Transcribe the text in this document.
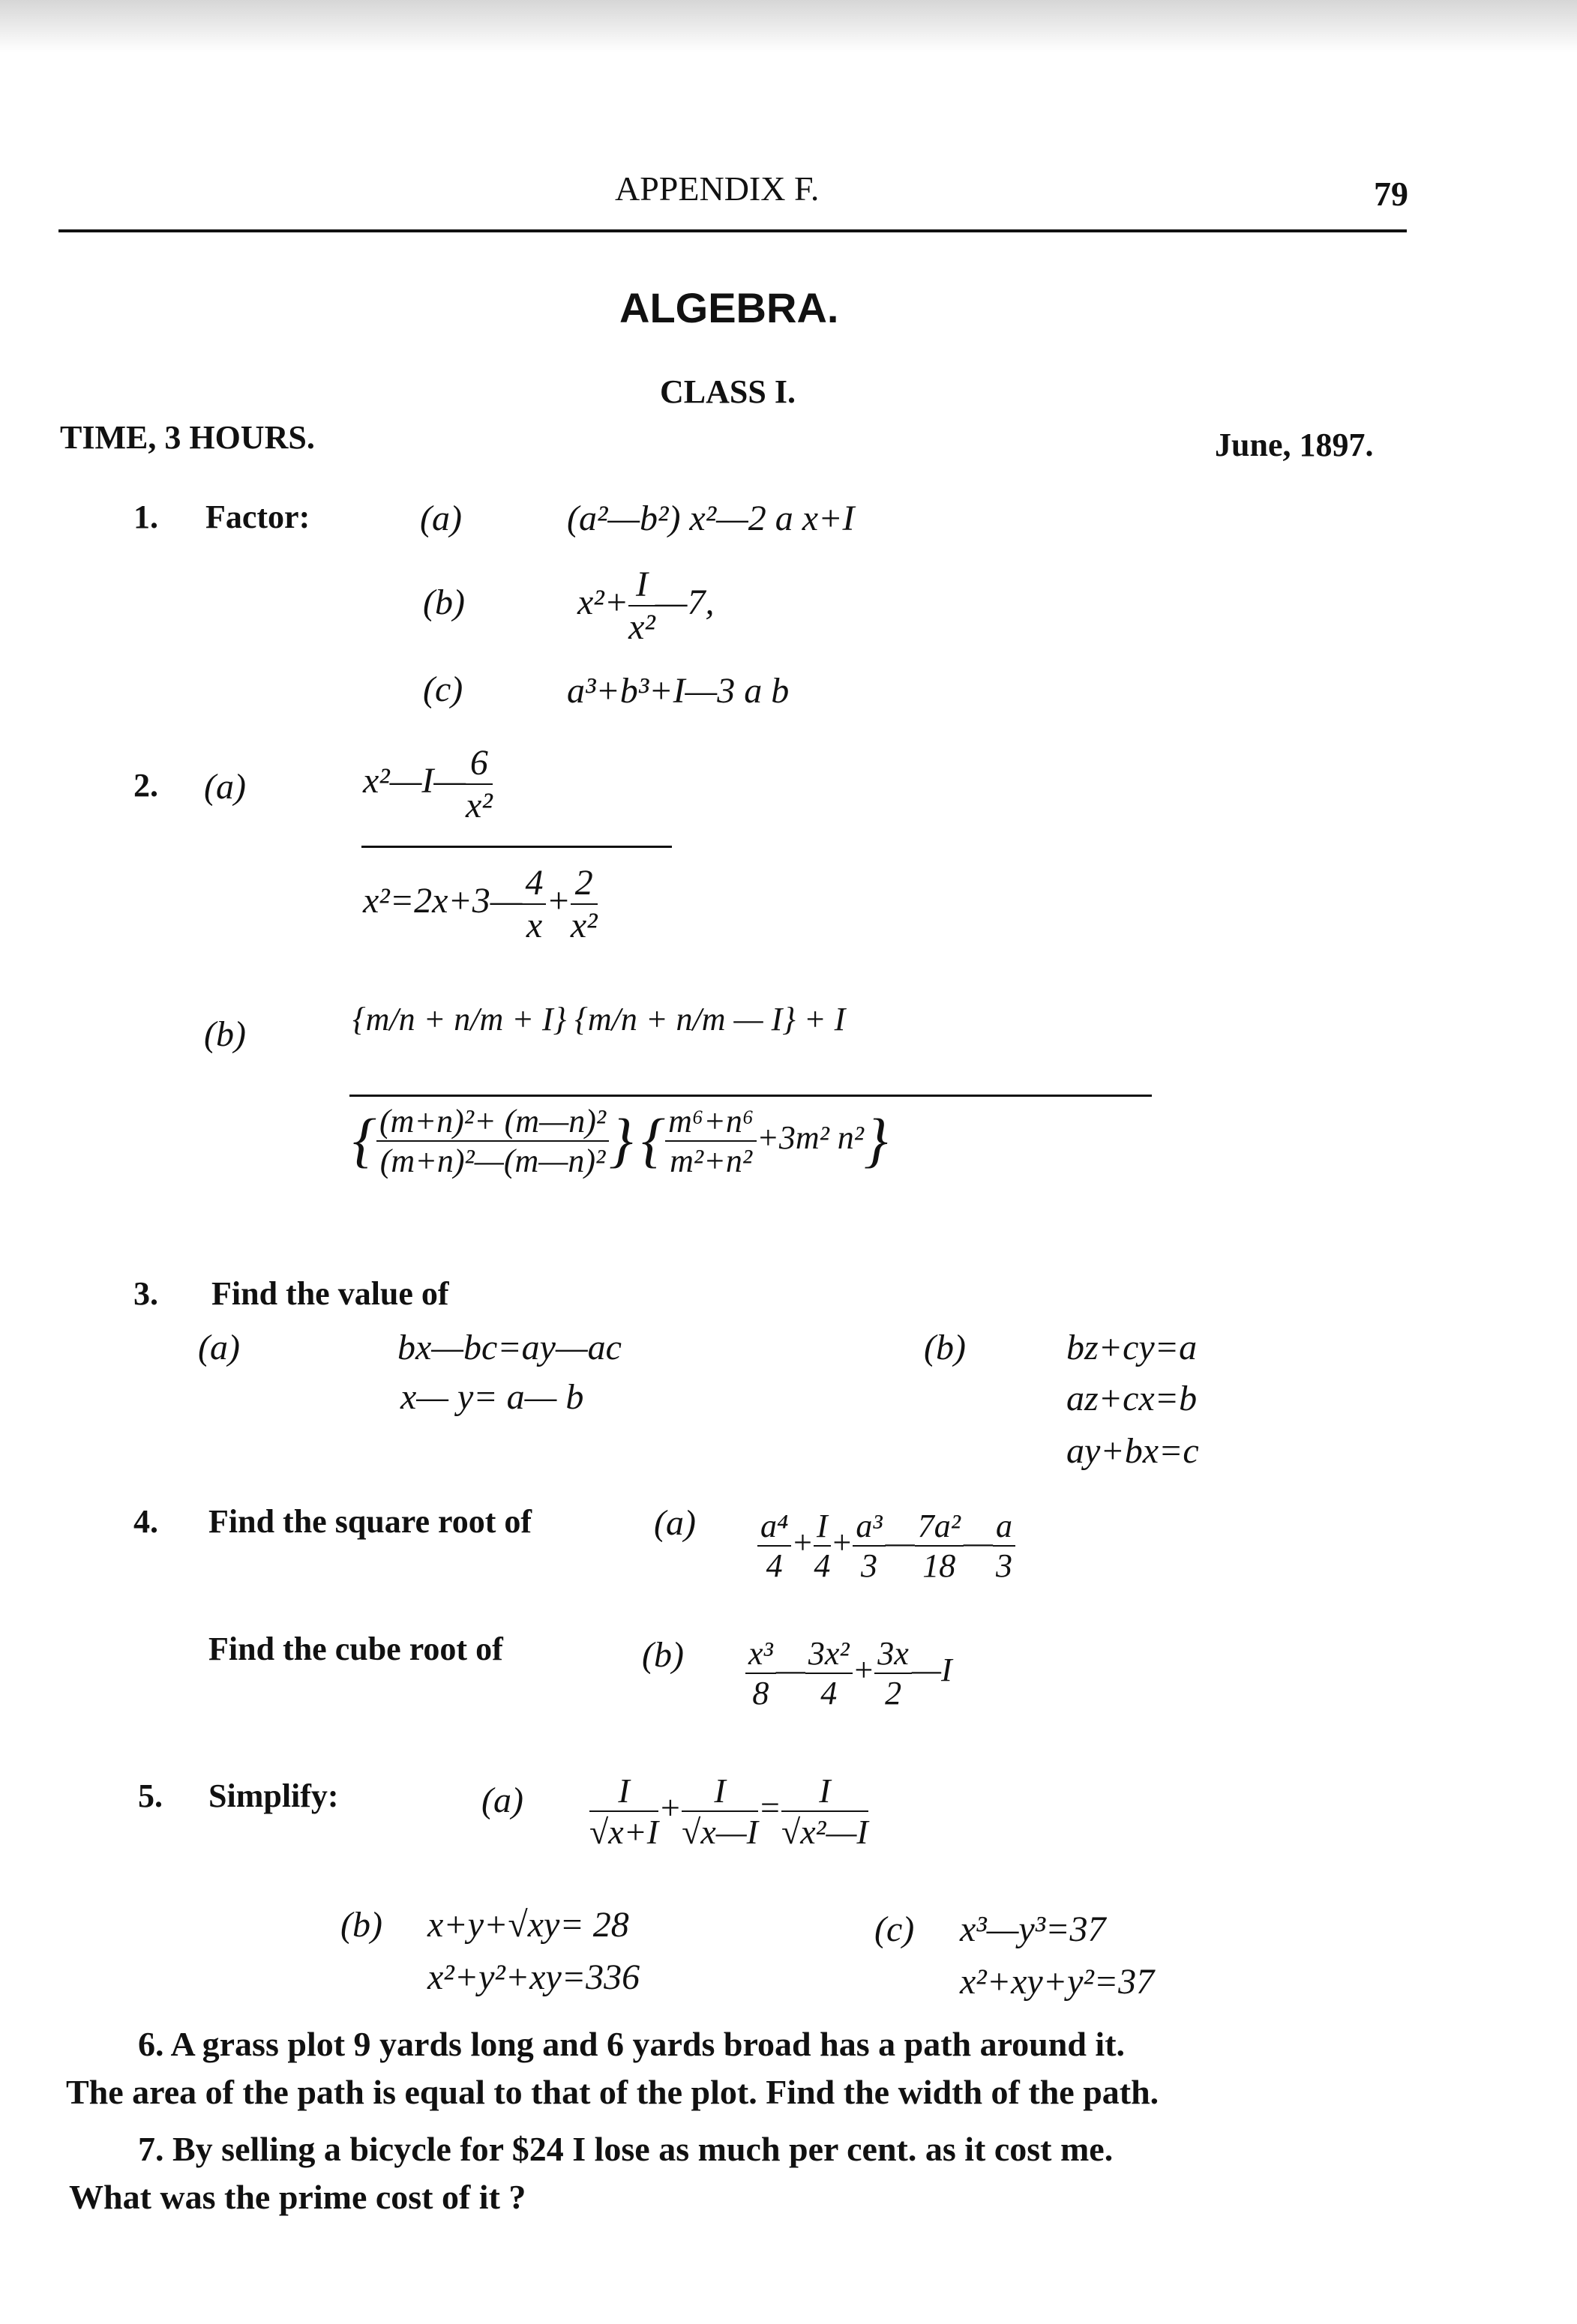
APPENDIX F.	79
ALGEBRA.
CLASS I.
TIME, 3 HOURS.	June, 1897.
1. Factor:	(a)	(a²—b²) x²—2 a x+I
(b)	$x^2+ \frac{I}{\text{x²}}$ —7,
(c)	a³+b³+I—3 a b
2. (a)	x²—I— $\frac{6}{\text{x²}}$
x²=2x+3— $\frac{4}{x} + \frac{2}{\text{x²}}$
(b)	{m/n + n/m + I} {m/n + n/m — I} + I
{ $\frac{\text{(m+n)²+ (m—n)²}}{\text{(m+n)²—(m—n)²}}$ } { $\frac{\text{m⁶+n⁶}}{\text{m²+n²}} +3m^2$ n²}
3. Find the value of
(a)	bx—bc=ay—ac
x— y= a— b
(b)	bz+cy=a
az+cx=b
ay+bx=c
4. Find the square root of	$(a) \frac{\text{a⁴}}{4} + \frac{I}{4} + \frac{\text{a³}}{3}$ — $\frac{\text{7a²}}{18}$ — $\frac{a}{3}$
Find the cube root of	$(b) \frac{\text{x³}}{8}$ — $\frac{\text{3x²}}{4} + \frac{3x}{2}$ —I
5. Simplify:	$(a) \frac{I}{√x+I} + \frac{I}{√x—I} = \frac{I}{\text{√x²—I}}$
(b) x+y+√xy= 28
x²+y²+xy=336
(c) x³—y³=37
x²+xy+y²=37
6. A grass plot 9 yards long and 6 yards broad has a path around it.
The area of the path is equal to that of the plot. Find the width of the path.
7. By selling a bicycle for $24 I lose as much per cent. as it cost me.
What was the prime cost of it ?
